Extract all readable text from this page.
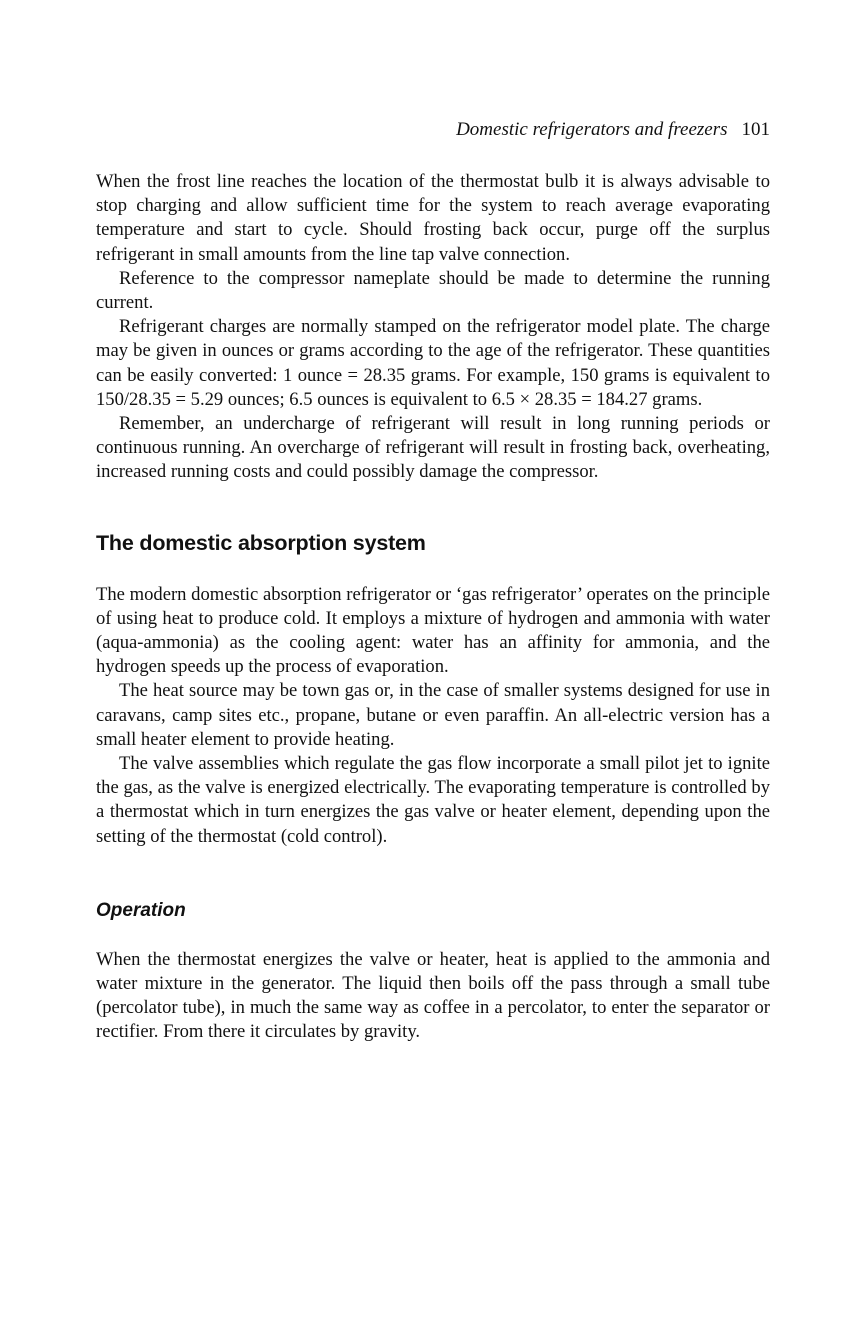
Domestic refrigerators and freezers 101

When the frost line reaches the location of the thermostat bulb it is always advisable to stop charging and allow sufficient time for the system to reach average evaporating temperature and start to cycle. Should frosting back occur, purge off the surplus refrigerant in small amounts from the line tap valve connection.

Reference to the compressor nameplate should be made to determine the running current.

Refrigerant charges are normally stamped on the refrigerator model plate. The charge may be given in ounces or grams according to the age of the refrigerator. These quantities can be easily converted: 1 ounce = 28.35 grams. For example, 150 grams is equivalent to 150/28.35 = 5.29 ounces; 6.5 ounces is equivalent to 6.5 × 28.35 = 184.27 grams.

Remember, an undercharge of refrigerant will result in long running periods or continuous running. An overcharge of refrigerant will result in frosting back, overheating, increased running costs and could possibly damage the compressor.

The domestic absorption system

The modern domestic absorption refrigerator or ‘gas refrigerator’ operates on the principle of using heat to produce cold. It employs a mixture of hydrogen and ammonia with water (aqua-ammonia) as the cooling agent: water has an affinity for ammonia, and the hydrogen speeds up the process of evaporation.

The heat source may be town gas or, in the case of smaller systems designed for use in caravans, camp sites etc., propane, butane or even paraffin. An all-electric version has a small heater element to provide heating.

The valve assemblies which regulate the gas flow incorporate a small pilot jet to ignite the gas, as the valve is energized electrically. The evaporating temperature is controlled by a thermostat which in turn energizes the gas valve or heater element, depending upon the setting of the thermostat (cold control).

Operation

When the thermostat energizes the valve or heater, heat is applied to the ammonia and water mixture in the generator. The liquid then boils off the pass through a small tube (percolator tube), in much the same way as coffee in a percolator, to enter the separator or rectifier. From there it circulates by gravity.
